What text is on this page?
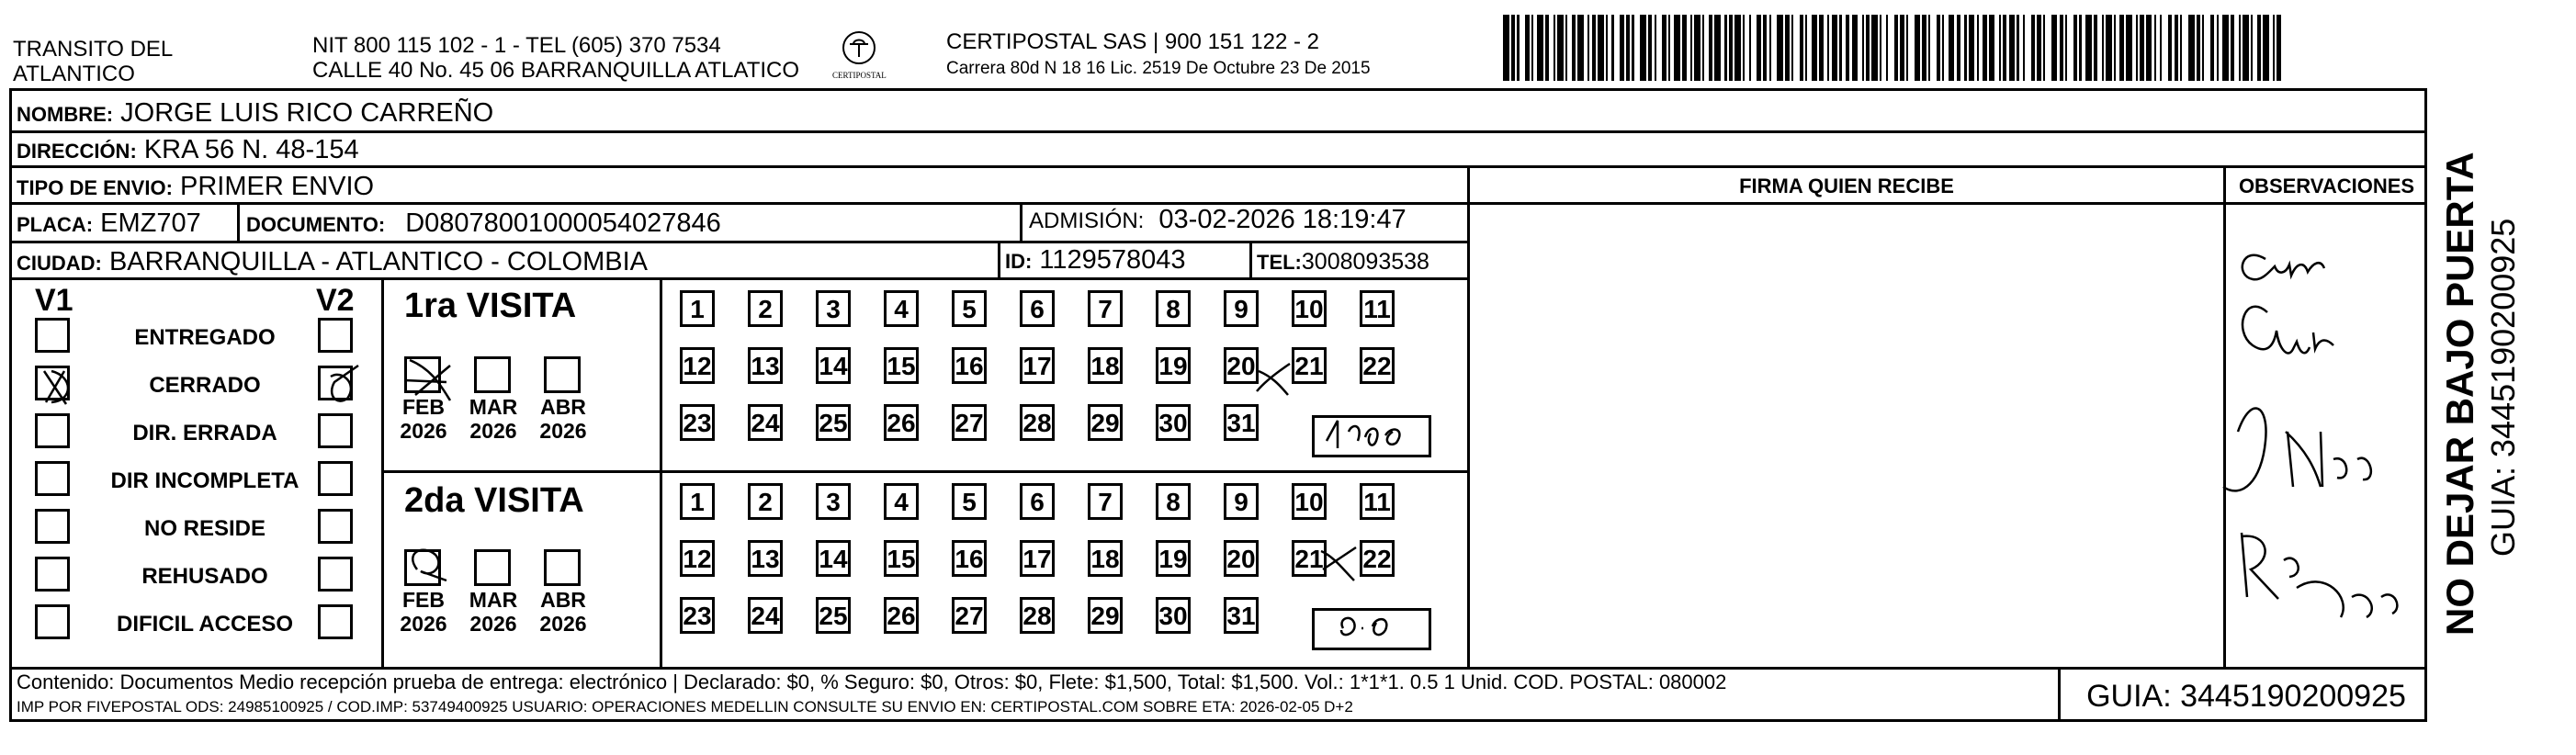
TRANSITO DEL
ATLANTICO
NIT 800 115 102 - 1 - TEL (605) 370 7534
CALLE 40 No. 45 06 BARRANQUILLA ATLATICO	CERTIPOSTAL
CERTIPOSTAL SAS | 900 151 122 - 2
Carrera 80d N 18 16 Lic. 2519 De Octubre 23 De 2015
NOMBRE: JORGE LUIS RICO CARREÑO
DIRECCIÓN: KRA 56 N. 48-154
TIPO DE ENVIO: PRIMER ENVIO	FIRMA QUIEN RECIBE	OBSERVACIONES
PLACA: EMZ707 DOCUMENTO: D08078001000054027846	ADMISIÓN: 03-02-2026 18:19:47
CIUDAD: BARRANQUILLA - ATLANTICO - COLOMBIA	ID: 1129578043	TEL:3008093538
V1	V2
ENTREGADO
CERRADO
DIR. ERRADA
DIR INCOMPLETA
NO RESIDE
REHUSADO
DIFICIL ACCESO
1ra VISITA
2da VISITA
FEB
2026
MAR
2026
ABR
2026
FEB
2026
MAR
2026
ABR
2026
1	2	3	4	5	6	7	8	9	10 11
12 13 14 15 16 17 18 19 20 21 22
23 24 25 26 27 28 29 30 31
1	2	3	4	5	6	7	8	9	10 11
12 13 14 15 16 17 18 19 20 21 22
23 24 25 26 27 28 29 30 31
Contenido: Documentos Medio recepción prueba de entrega: electrónico | Declarado: $0, % Seguro: $0, Otros: $0, Flete: $1,500, Total: $1,500. Vol.: 1*1*1. 0.5 1 Unid. COD. POSTAL: 080002
IMP POR FIVEPOSTAL ODS: 24985100925 / COD.IMP: 53749400925 USUARIO: OPERACIONES MEDELLIN CONSULTE SU ENVIO EN: CERTIPOSTAL.COM SOBRE ETA: 2026-02-05 D+2	GUIA: 3445190200925
NO DEJAR BAJO PUERTA GUIA: 3445190200925
